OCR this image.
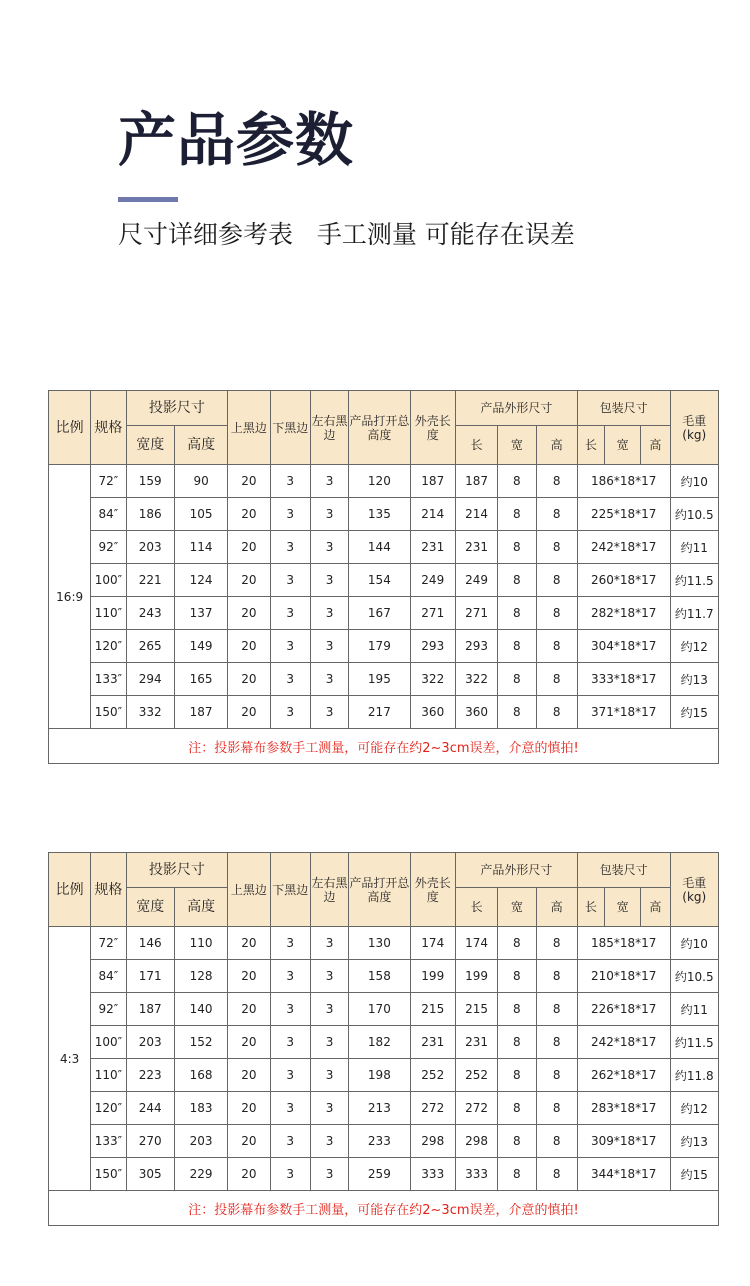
产品参数
尺寸详细参考表   手工测量 可能存在误差
比例	规格	投影尺寸		上黑边	下黑边	左右黑边	产品打开总高度	外壳长度	产品外形尺寸			包装尺寸			毛重(kg)
		宽度	高度						长	宽	高	长	宽	高	
16:9	72″	159	90	20	3	3	120	187	187	8	8	186*18*17			约10
	84″	186	105	20	3	3	135	214	214	8	8	225*18*17			约10.5
	92″	203	114	20	3	3	144	231	231	8	8	242*18*17			约11
	100″	221	124	20	3	3	154	249	249	8	8	260*18*17			约11.5
	110″	243	137	20	3	3	167	271	271	8	8	282*18*17			约11.7
	120″	265	149	20	3	3	179	293	293	8	8	304*18*17			约12
	133″	294	165	20	3	3	195	322	322	8	8	333*18*17			约13
	150″	332	187	20	3	3	217	360	360	8	8	371*18*17			约15
注：投影幕布参数手工测量，可能存在约2~3cm误差，介意的慎拍!															
比例	规格	投影尺寸		上黑边	下黑边	左右黑边	产品打开总高度	外壳长度	产品外形尺寸			包装尺寸			毛重(kg)
		宽度	高度						长	宽	高	长	宽	高	
4:3	72″	146	110	20	3	3	130	174	174	8	8	185*18*17			约10
	84″	171	128	20	3	3	158	199	199	8	8	210*18*17			约10.5
	92″	187	140	20	3	3	170	215	215	8	8	226*18*17			约11
	100″	203	152	20	3	3	182	231	231	8	8	242*18*17			约11.5
	110″	223	168	20	3	3	198	252	252	8	8	262*18*17			约11.8
	120″	244	183	20	3	3	213	272	272	8	8	283*18*17			约12
	133″	270	203	20	3	3	233	298	298	8	8	309*18*17			约13
	150″	305	229	20	3	3	259	333	333	8	8	344*18*17			约15
注：投影幕布参数手工测量，可能存在约2~3cm误差，介意的慎拍!															
